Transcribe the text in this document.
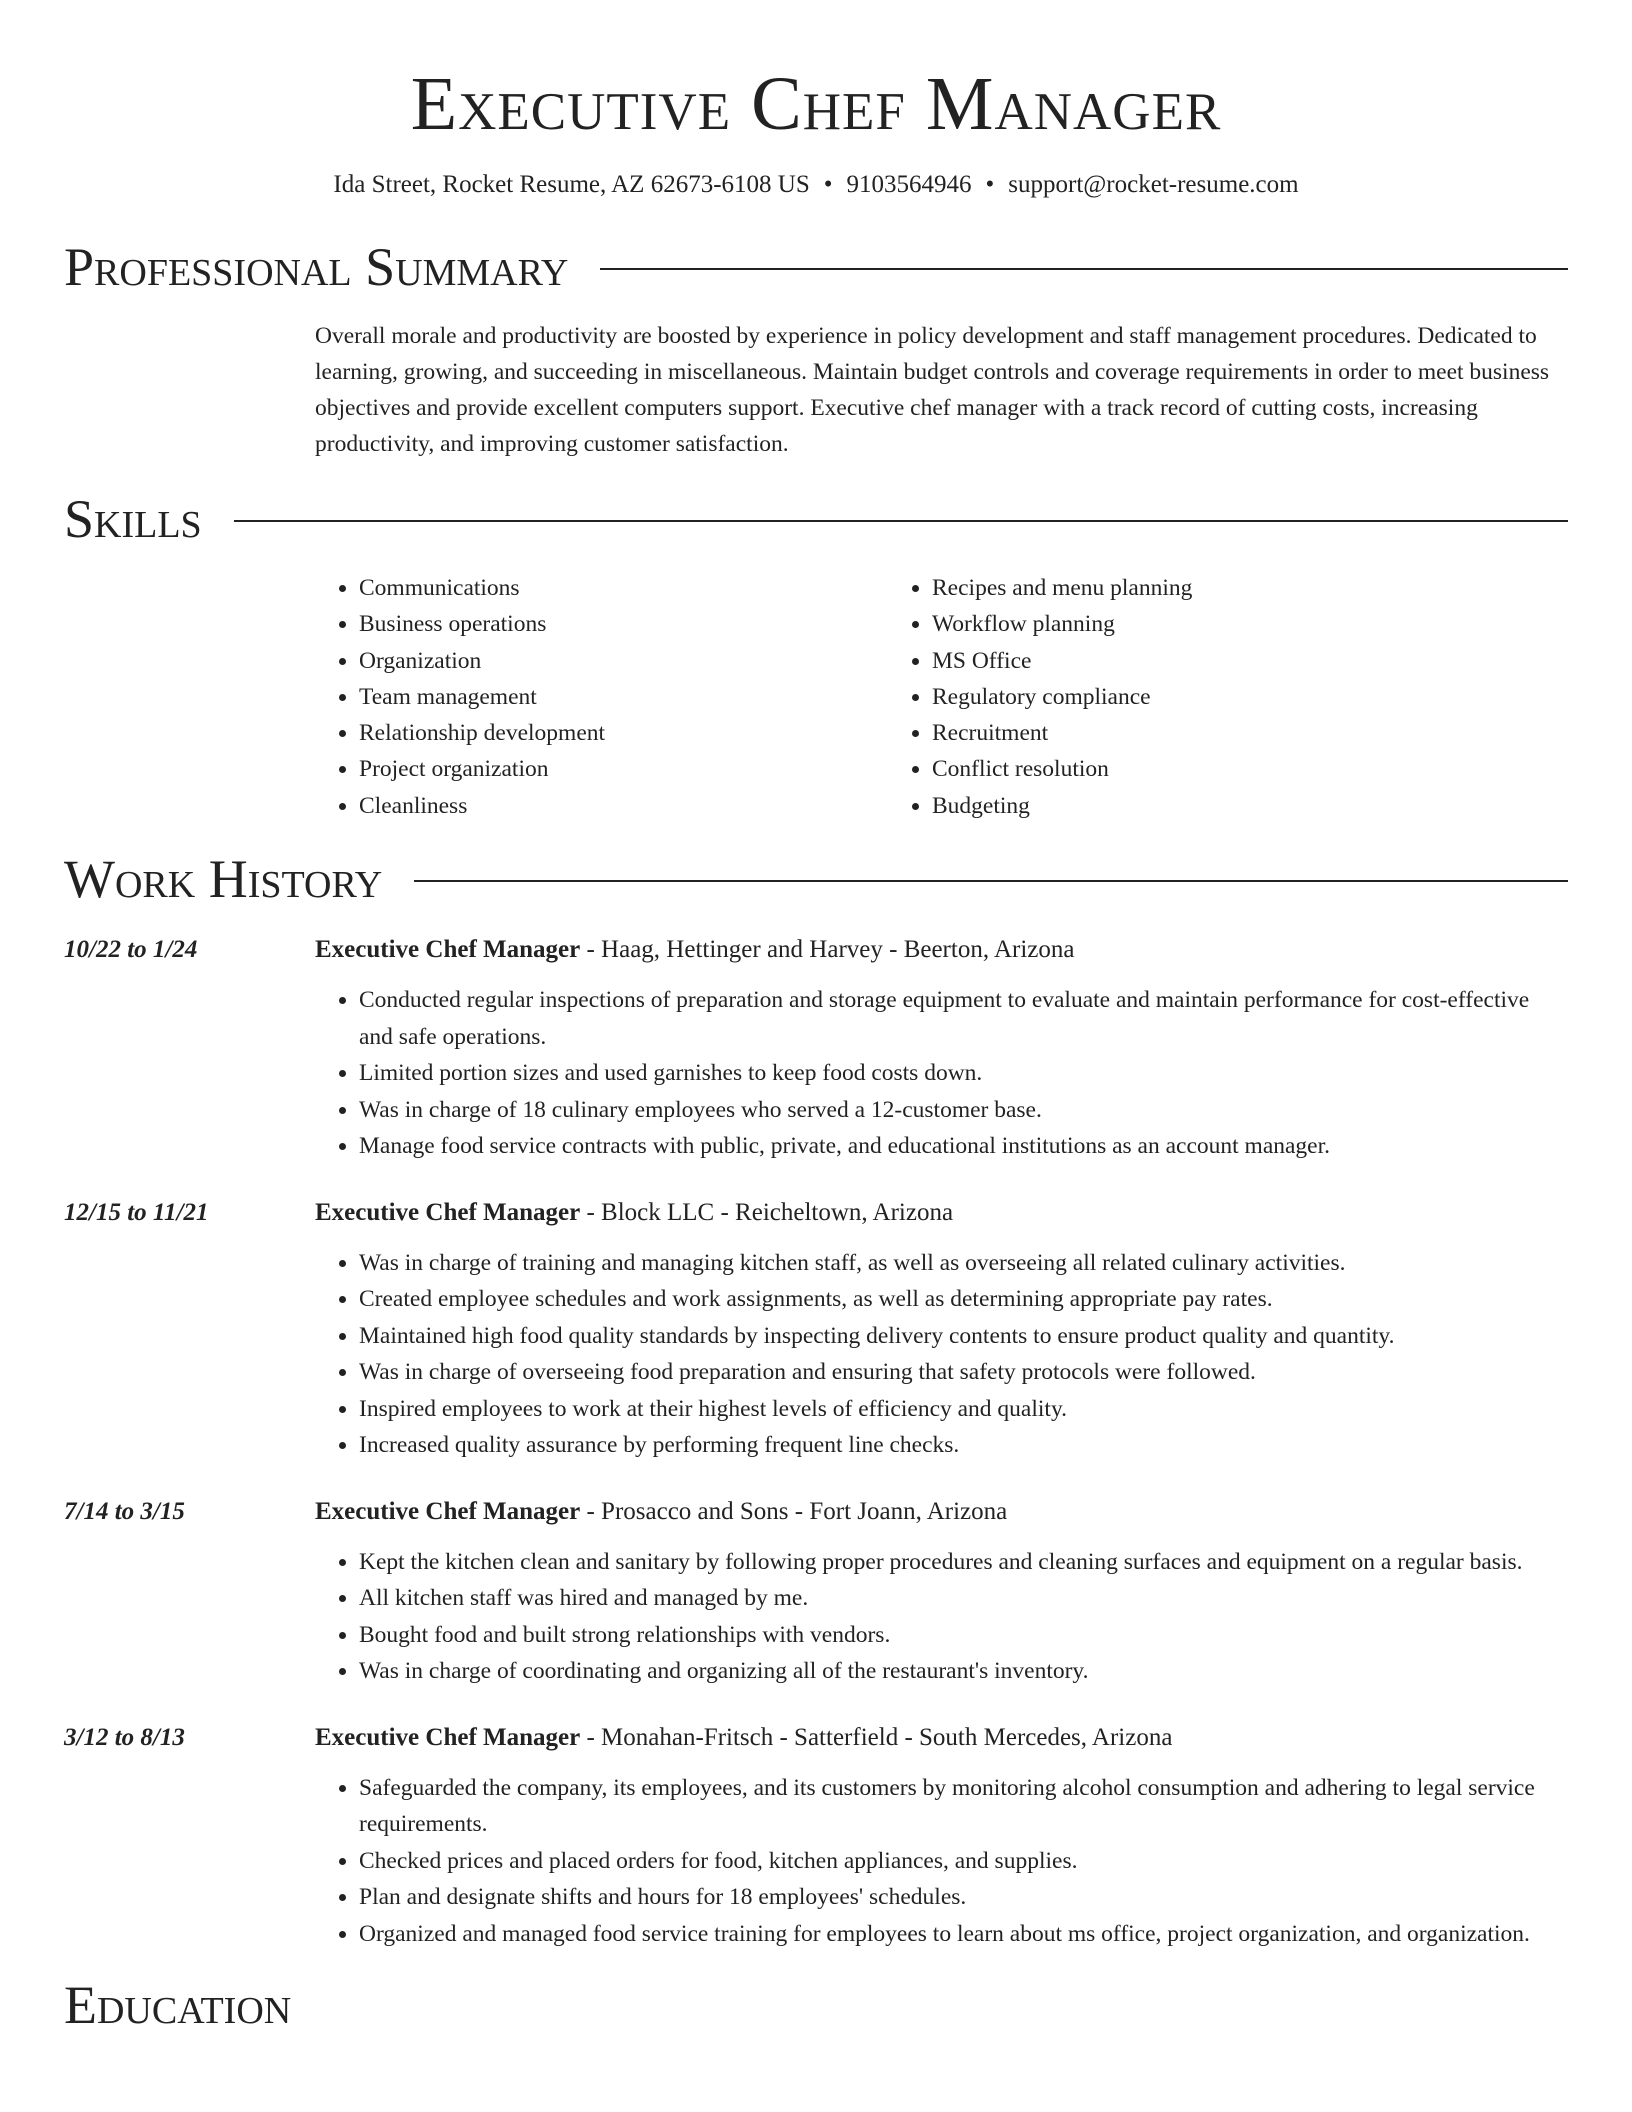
Executive Chef Manager
Ida Street, Rocket Resume, AZ 62673-6108 US • 9103564946 • support@rocket-resume.com
Professional Summary

Overall morale and productivity are boosted by experience in policy development and staff management procedures. Dedicated to learning, growing, and succeeding in miscellaneous. Maintain budget controls and coverage requirements in order to meet business objectives and provide excellent computers support. Executive chef manager with a track record of cutting costs, increasing productivity, and improving customer satisfaction.

Skills
• Communications
• Business operations
• Organization
• Team management
• Relationship development
• Project organization
• Cleanliness
• Recipes and menu planning
• Workflow planning
• MS Office
• Regulatory compliance
• Recruitment
• Conflict resolution
• Budgeting
Work History
10/22 to 1/24	Executive Chef Manager - Haag, Hettinger and Harvey - Beerton, Arizona
• Conducted regular inspections of preparation and storage equipment to evaluate and maintain performance for cost-effective and safe operations.
• Limited portion sizes and used garnishes to keep food costs down.
• Was in charge of 18 culinary employees who served a 12-customer base.
• Manage food service contracts with public, private, and educational institutions as an account manager.
12/15 to 11/21	Executive Chef Manager - Block LLC - Reicheltown, Arizona
• Was in charge of training and managing kitchen staff, as well as overseeing all related culinary activities.
• Created employee schedules and work assignments, as well as determining appropriate pay rates.
• Maintained high food quality standards by inspecting delivery contents to ensure product quality and quantity.
• Was in charge of overseeing food preparation and ensuring that safety protocols were followed.
• Inspired employees to work at their highest levels of efficiency and quality.
• Increased quality assurance by performing frequent line checks.
7/14 to 3/15	Executive Chef Manager - Prosacco and Sons - Fort Joann, Arizona
• Kept the kitchen clean and sanitary by following proper procedures and cleaning surfaces and equipment on a regular basis.
• All kitchen staff was hired and managed by me.
• Bought food and built strong relationships with vendors.
• Was in charge of coordinating and organizing all of the restaurant's inventory.
3/12 to 8/13	Executive Chef Manager - Monahan-Fritsch - Satterfield - South Mercedes, Arizona
• Safeguarded the company, its employees, and its customers by monitoring alcohol consumption and adhering to legal service requirements.
• Checked prices and placed orders for food, kitchen appliances, and supplies.
• Plan and designate shifts and hours for 18 employees' schedules.
• Organized and managed food service training for employees to learn about ms office, project organization, and organization.
Education
